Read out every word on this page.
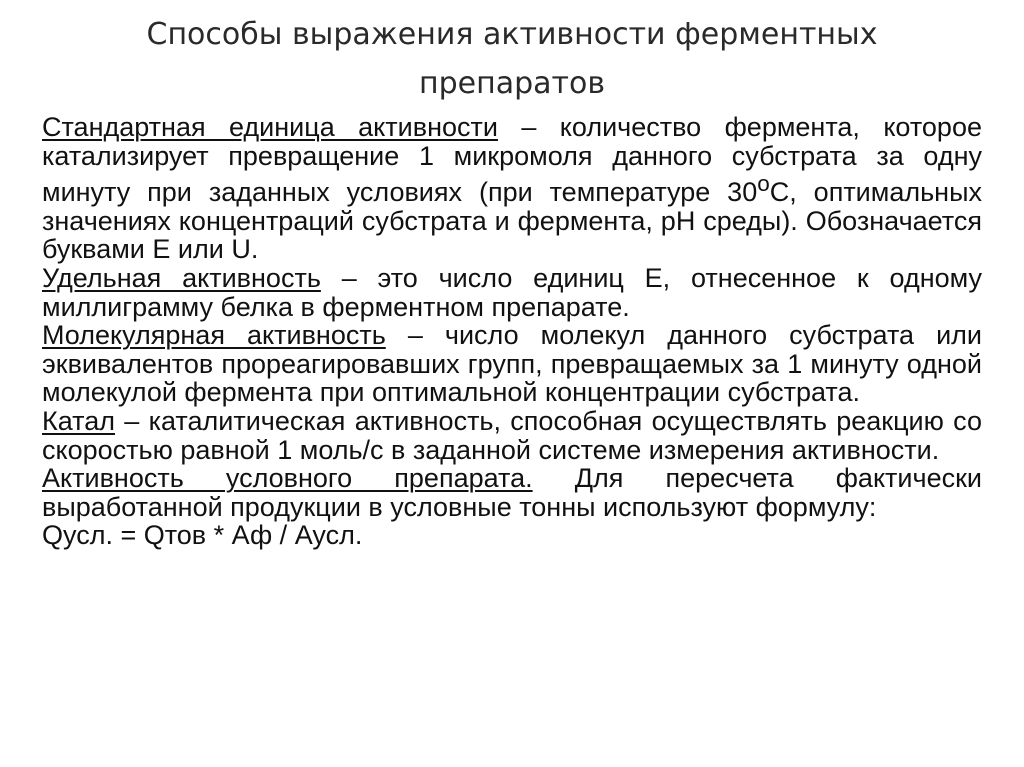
Способы выражения активности ферментных препаратов

Стандартная единица активности – количество фермента, которое катализирует превращение 1 микромоля данного субстрата за одну минуту при заданных условиях (при температуре $30^оС$, оптимальных значениях концентраций субстрата и фермента, pH среды). Обозначается буквами Е или U.

Удельная активность – это число единиц Е, отнесенное к одному миллиграмму белка в ферментном препарате.

Молекулярная активность – число молекул данного субстрата или эквивалентов прореагировавших групп, превращаемых за 1 минуту одной молекулой фермента при оптимальной концентрации субстрата.

Катал – каталитическая активность, способная осуществлять реакцию со скоростью равной 1 моль/с в заданной системе измерения активности.

Активность условного препарата. Для пересчета фактически выработанной продукции в условные тонны используют формулу:

Qусл. = Qтов * Аф / Аусл.
